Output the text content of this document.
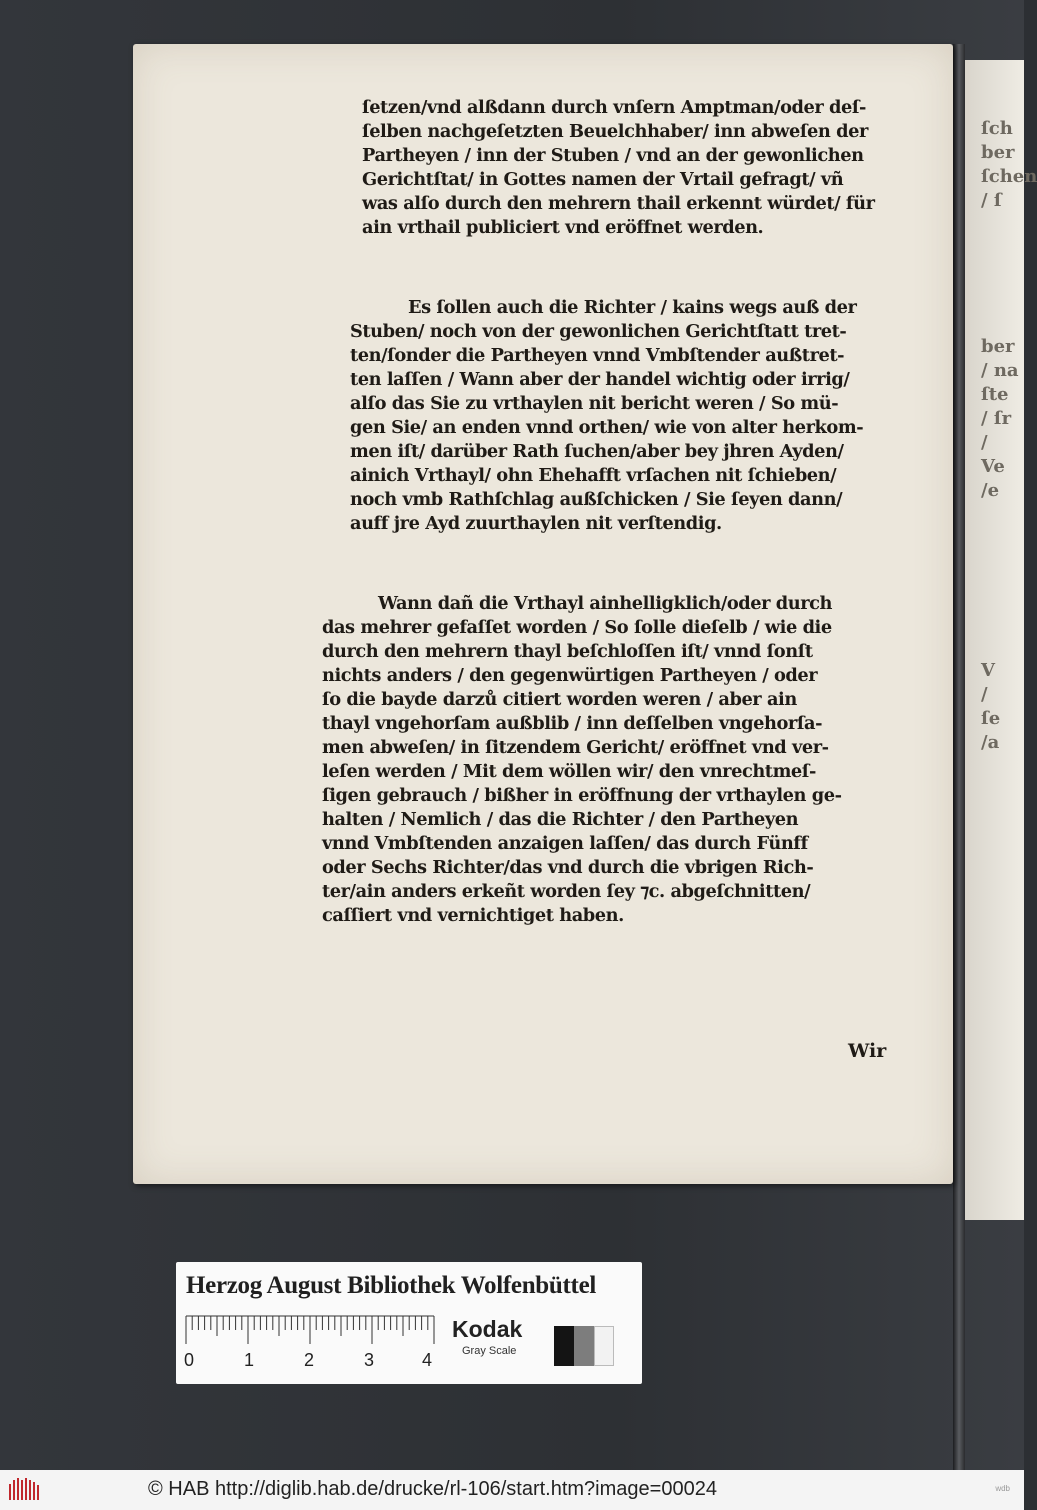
ſch
ber
ſchen
/ ſ
ber
/ na
ſte
/ ſr
/
Ve
/e
V
/
ſe
/a
ſetzen/vnd alßdann durch vnſern Amptman/oder deſ-
ſelben nachgeſetzten Beuelchhaber/ inn abweſen der
Partheyen / inn der Stuben / vnd an der gewonlichen
Gerichtſtat/ in Gottes namen der Vrtail gefragt/ vñ
was alſo durch den mehrern thail erkennt würdet/ für
ain vrthail publiciert vnd eröffnet werden.
Es ſollen auch die Richter / kains wegs auß der
Stuben/ noch von der gewonlichen Gerichtſtatt tret-
ten/ſonder die Partheyen vnnd Vmbſtender außtret-
ten laſſen / Wann aber der handel wichtig oder irrig/
alſo das Sie zu vrthaylen nit bericht weren / So mü-
gen Sie/ an enden vnnd orthen/ wie von alter herkom-
men iſt/ darüber Rath ſuchen/aber bey jhren Ayden/
ainich Vrthayl/ ohn Ehehafft vrſachen nit ſchieben/
noch vmb Rathſchlag außſchicken / Sie ſeyen dann/
auff jre Ayd zuurthaylen nit verſtendig.
Wann dañ die Vrthayl ainhelligklich/oder durch
das mehrer gefaſſet worden / So ſolle dieſelb / wie die
durch den mehrern thayl beſchloſſen iſt/ vnnd ſonſt
nichts anders / den gegenwürtigen Partheyen / oder
ſo die bayde darzů citiert worden weren / aber ain
thayl vngehorſam außblib / inn deſſelben vngehorſa-
men abweſen/ in ſitzendem Gericht/ eröffnet vnd ver-
leſen werden / Mit dem wöllen wir/ den vnrechtmeſ-
ſigen gebrauch / bißher in eröffnung der vrthaylen ge-
halten / Nemlich / das die Richter / den Partheyen
vnnd Vmbſtenden anzaigen laſſen/ das durch Fünff
oder Sechs Richter/das vnd durch die vbrigen Rich-
ter/ain anders erkeñt worden ſey ⁊c. abgeſchnitten/
caſſiert vnd vernichtiget haben.
Wir
Herzog August Bibliothek Wolfenbüttel
0	1	2	3	4
Kodak
Gray Scale
© HAB http://diglib.hab.de/drucke/rl-106/start.htm?image=00024	wdb
